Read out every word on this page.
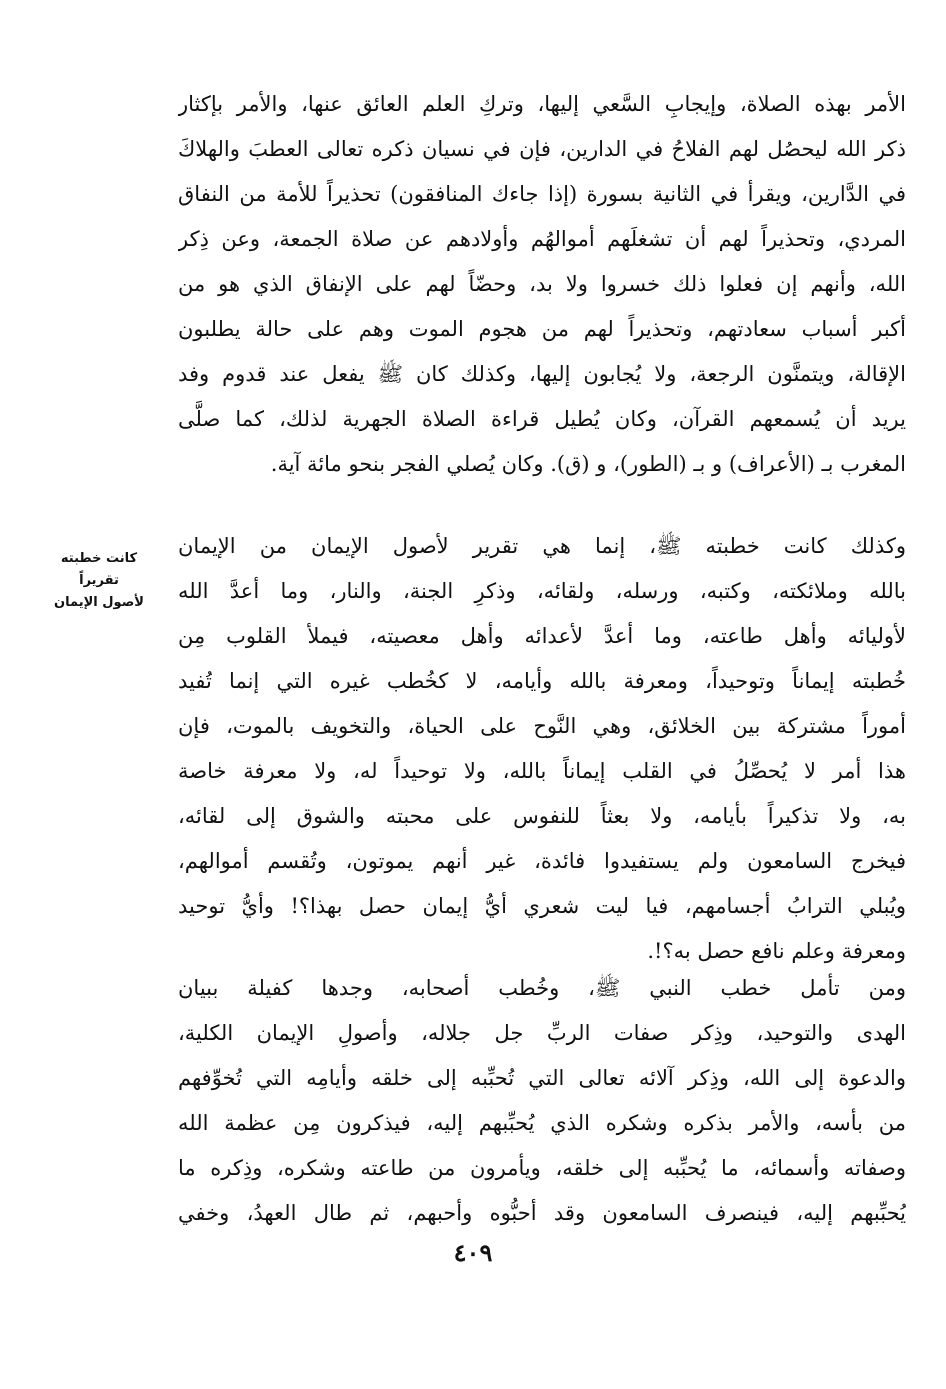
الأمر بهذه الصلاة، وإيجابِ السَّعي إليها، وتركِ العلم العائق عنها، والأمر بإكثار
ذكر الله ليحصُل لهم الفلاحُ في الدارين، فإن في نسيان ذكره تعالى العطبَ والهلاكَ
في الدَّارين، ويقرأ في الثانية بسورة (إذا جاءك المنافقون) تحذيراً للأمة من النفاق
المردي، وتحذيراً لهم أن تشغلَهم أموالهُم وأولادهم عن صلاة الجمعة، وعن ذِكر
الله، وأنهم إن فعلوا ذلك خسروا ولا بد، وحضّاً لهم على الإنفاق الذي هو من
أكبر أسباب سعادتهم، وتحذيراً لهم من هجوم الموت وهم على حالة يطلبون
الإقالة، ويتمنَّون الرجعة، ولا يُجابون إليها، وكذلك كان ﷺ يفعل عند قدوم وفد
يريد أن يُسمعهم القرآن، وكان يُطيل قراءة الصلاة الجهرية لذلك، كما صلَّى
المغرب بـ (الأعراف) و بـ (الطور)، و (ق). وكان يُصلي الفجر بنحو مائة آية.
كانت خطبته تقريراً
لأصول الإيمان
وكذلك كانت خطبته ﷺ، إنما هي تقرير لأصول الإيمان من الإيمان
بالله وملائكته، وكتبه، ورسله، ولقائه، وذكرِ الجنة، والنار، وما أعدَّ الله
لأوليائه وأهل طاعته، وما أعدَّ لأعدائه وأهل معصيته، فيملأ القلوب مِن
خُطبته إيماناً وتوحيداً، ومعرفة بالله وأيامه، لا كخُطب غيره التي إنما تُفيد
أموراً مشتركة بين الخلائق، وهي النَّوح على الحياة، والتخويف بالموت، فإن
هذا أمر لا يُحصِّلُ في القلب إيماناً بالله، ولا توحيداً له، ولا معرفة خاصة
به، ولا تذكيراً بأيامه، ولا بعثاً للنفوس على محبته والشوق إلى لقائه،
فيخرج السامعون ولم يستفيدوا فائدة، غير أنهم يموتون، وتُقسم أموالهم،
ويُبلي الترابُ أجسامهم، فيا ليت شعري أيُّ إيمان حصل بهذا؟! وأيُّ توحيد
ومعرفة وعلم نافع حصل به؟!.
ومن تأمل خطب النبي ﷺ، وخُطب أصحابه، وجدها كفيلة ببيان
الهدى والتوحيد، وذِكر صفات الربِّ جل جلاله، وأصولِ الإيمان الكلية،
والدعوة إلى الله، وذِكر آلائه تعالى التي تُحبِّبه إلى خلقه وأيامِه التي تُخوِّفهم
من بأسه، والأمر بذكره وشكره الذي يُحبِّبهم إليه، فيذكرون مِن عظمة الله
وصفاته وأسمائه، ما يُحبِّبه إلى خلقه، ويأمرون من طاعته وشكره، وذِكره ما
يُحبِّبهم إليه، فينصرف السامعون وقد أحبُّوه وأحبهم، ثم طال العهدُ، وخفي
٤٠٩
